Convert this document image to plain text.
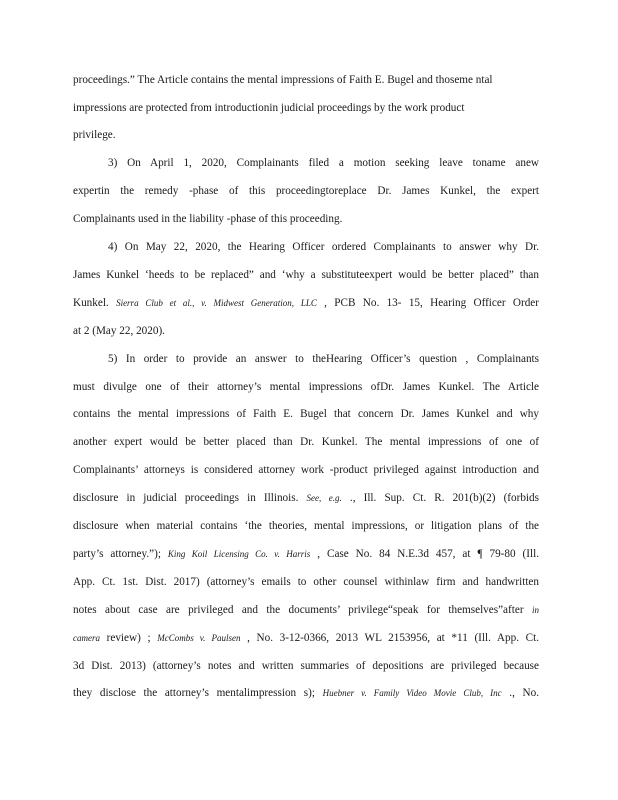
proceedings.” The Article contains the mental impressions of Faith E. Bugel and thoseme ntal
impressions are protected from introductionin judicial proceedings by the work product
privilege.
3) On April 1, 2020, Complainants filed a motion seeking leave toname anew
expertin the remedy -phase of this proceedingtoreplace Dr. James Kunkel, the expert
Complainants used in the liability -phase of this proceeding.
4) On May 22, 2020, the Hearing Officer ordered Complainants to answer why Dr.
James Kunkel ‘heeds to be replaced” and ‘why a substituteexpert would be better placed” than
Kunkel. Sierra Club et al., v. Midwest Generation, LLC , PCB No. 13- 15, Hearing Officer Order
at 2 (May 22, 2020).
5) In order to provide an answer to theHearing Officer’s question , Complainants
must divulge one of their attorney’s mental impressions ofDr. James Kunkel. The Article
contains the mental impressions of Faith E. Bugel that concern Dr. James Kunkel and why
another expert would be better placed than Dr. Kunkel. The mental impressions of one of
Complainants’ attorneys is considered attorney work -product privileged against introduction and
disclosure in judicial proceedings in Illinois. See, e.g. ., Ill. Sup. Ct. R. 201(b)(2) (forbids
disclosure when material contains ‘the theories, mental impressions, or litigation plans of the
party’s attorney.”); King Koil Licensing Co. v. Harris , Case No. 84 N.E.3d 457, at ¶ 79-80 (Ill.
App. Ct. 1st. Dist. 2017) (attorney’s emails to other counsel withinlaw firm and handwritten
notes about case are privileged and the documents’ privilege“speak for themselves”after in
camera review) ; McCombs v. Paulsen , No. 3-12-0366, 2013 WL 2153956, at *11 (Ill. App. Ct.
3d Dist. 2013) (attorney’s notes and written summaries of depositions are privileged because
they disclose the attorney’s mentalimpression s); Huebner v. Family Video Movie Club, Inc ., No.
